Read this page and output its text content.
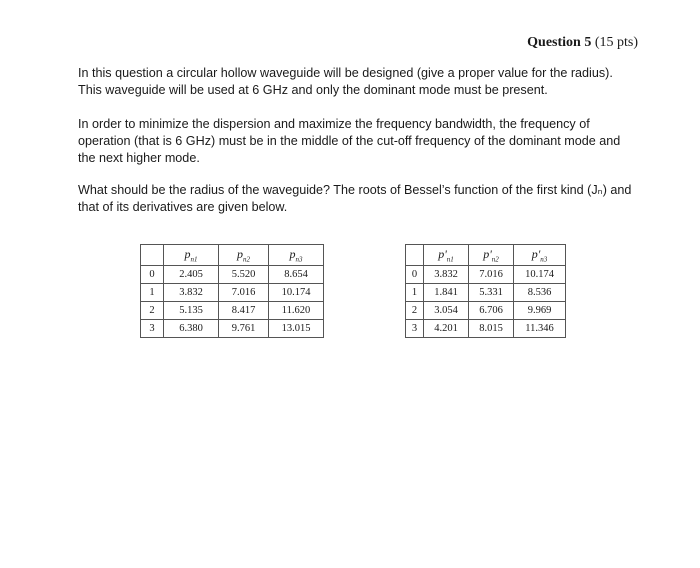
Question 5 (15 pts)
In this question a circular hollow waveguide will be designed (give a proper value for the radius). This waveguide will be used at 6 GHz and only the dominant mode must be present.
In order to minimize the dispersion and maximize the frequency bandwidth, the frequency of operation (that is 6 GHz) must be in the middle of the cut-off frequency of the dominant mode and the next higher mode.
What should be the radius of the waveguide? The roots of Bessel’s function of the first kind (Jₙ) and that of its derivatives are given below.
	$p_{n1}$	$p_{n2}$	$p_{n3}$
0	2.405	5.520	8.654
1	3.832	7.016	10.174
2	5.135	8.417	11.620
3	6.380	9.761	13.015
	$p'_{n1}$	$p'_{n2}$	$p'_{n3}$
0	3.832	7.016	10.174
1	1.841	5.331	8.536
2	3.054	6.706	9.969
3	4.201	8.015	11.346
